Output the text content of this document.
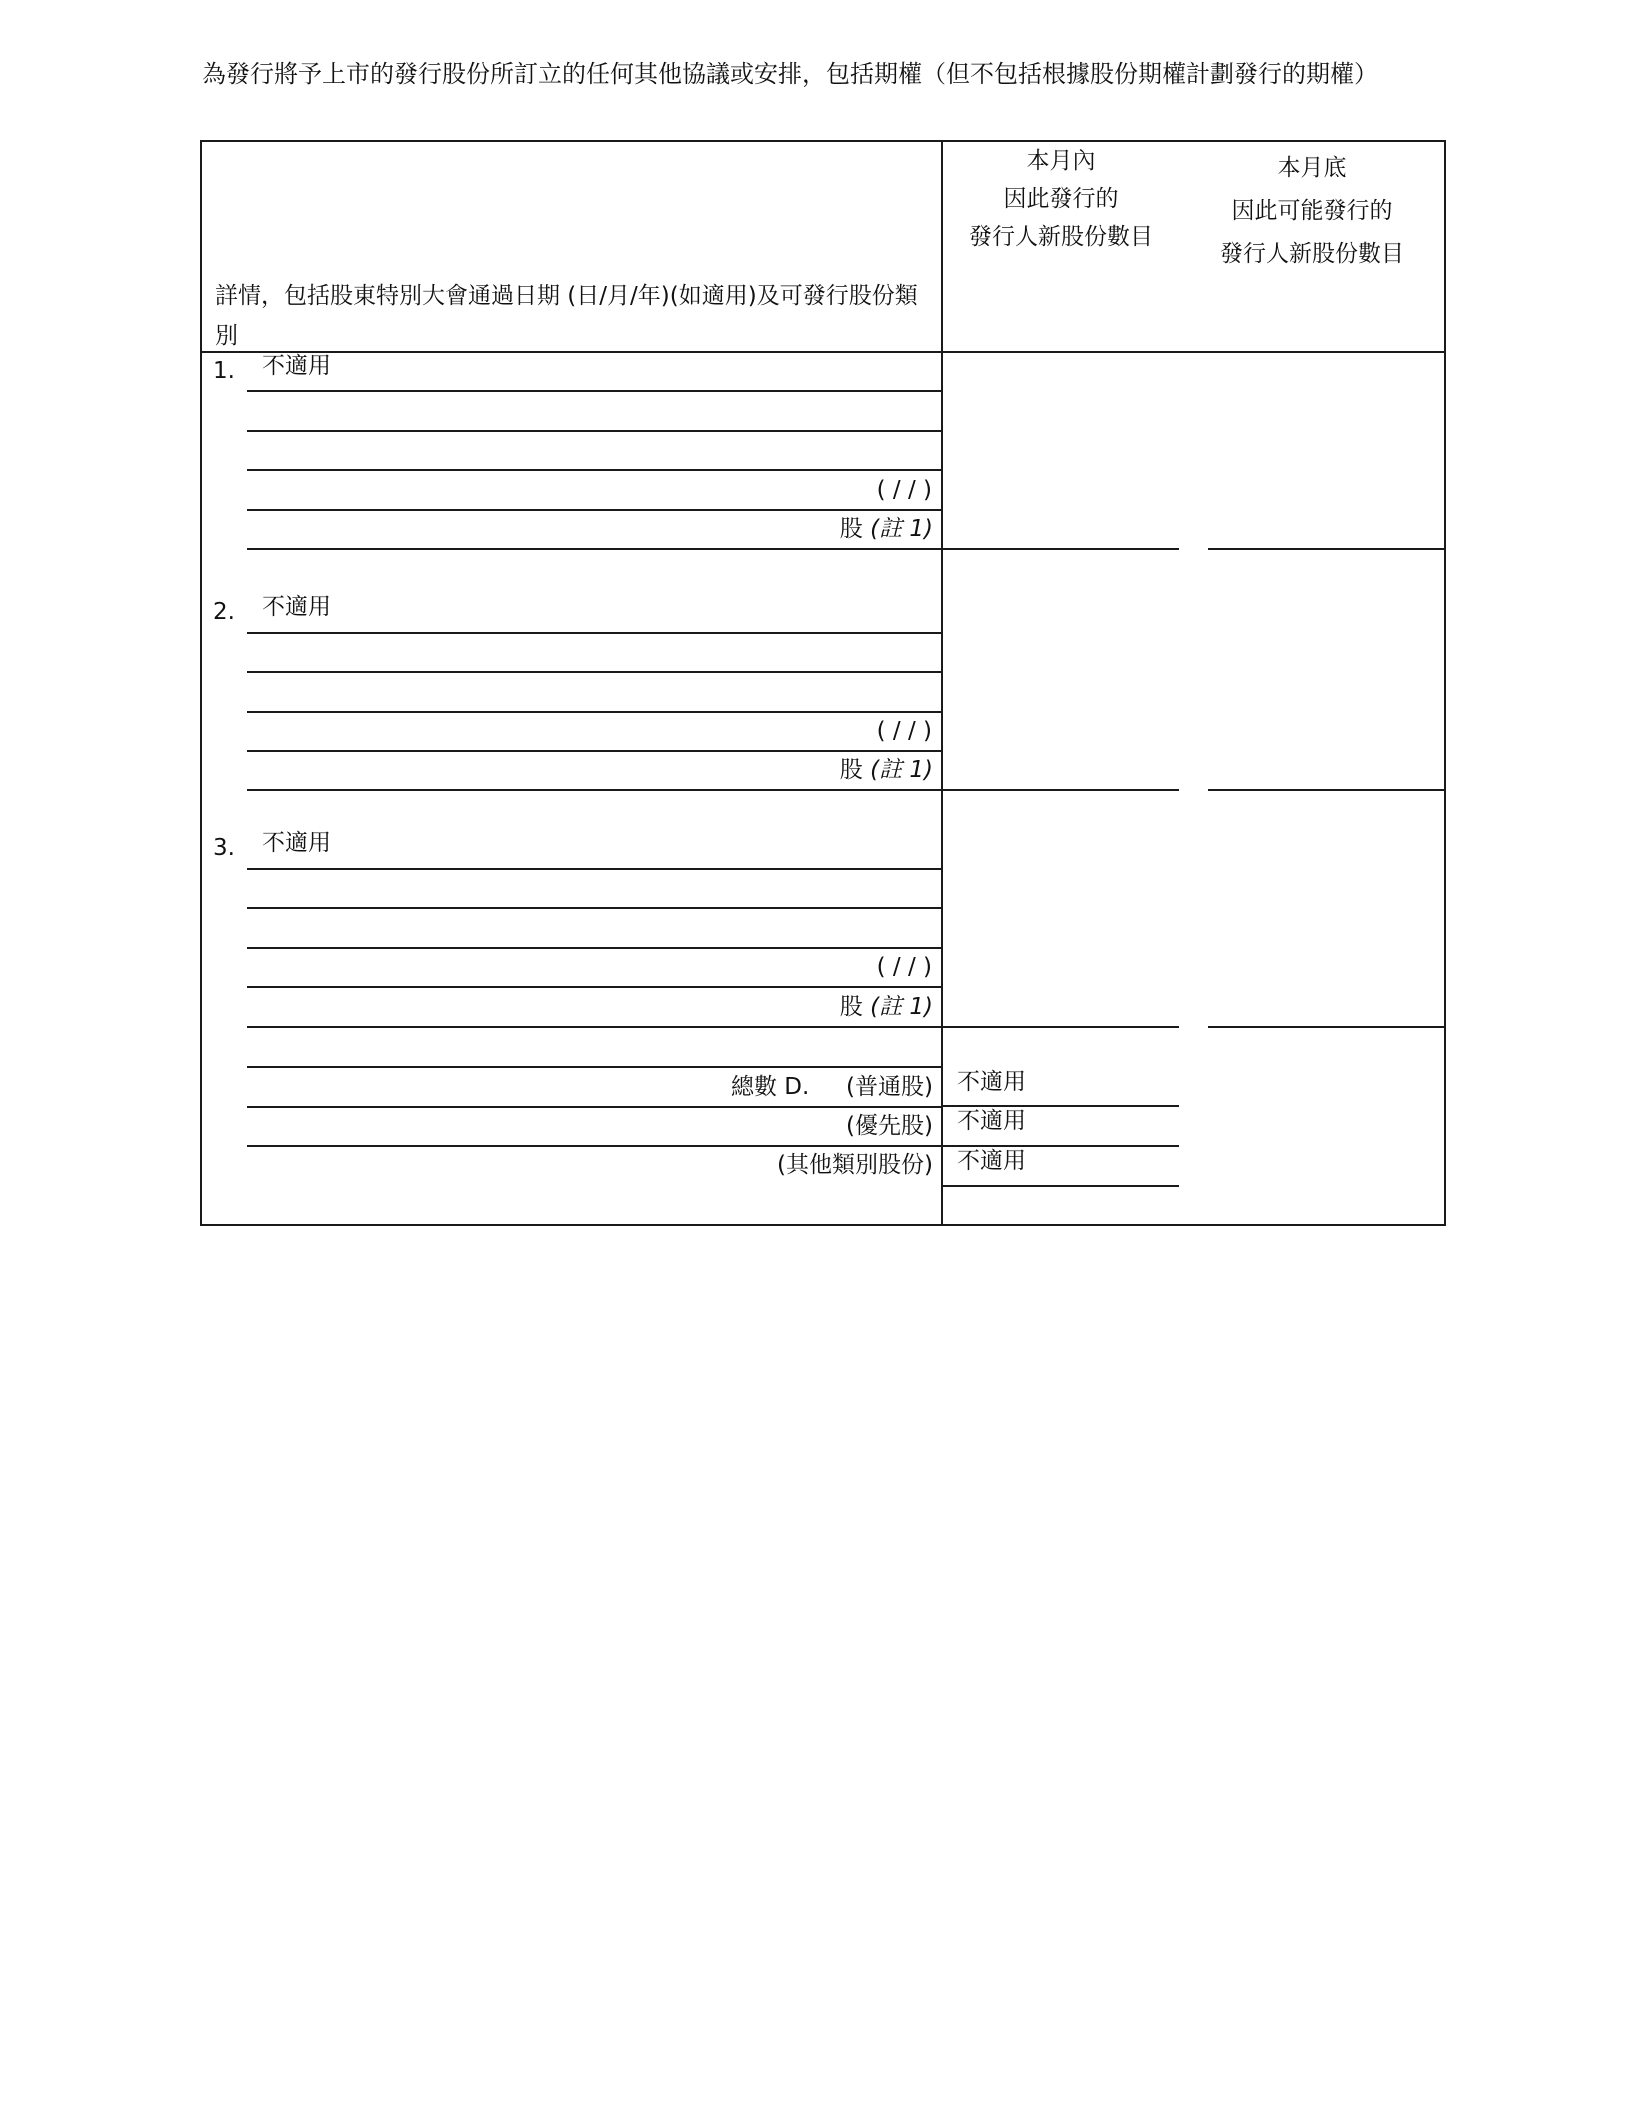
為發行將予上市的發行股份所訂立的任何其他協議或安排，包括期權（但不包括根據股份期權計劃發行的期權）
詳情，包括股東特別大會通過日期 (日/月/年)(如適用)及可發行股份類別
本月內
因此發行的
發行人新股份數目
本月底
因此可能發行的
發行人新股份數目
1. 不適用
( / / )
股 (註 1)
2. 不適用
( / / )
股 (註 1)
3. 不適用
( / / )
股 (註 1)
總數 D.	(普通股)
(優先股)
(其他類別股份)
不適用
不適用
不適用
